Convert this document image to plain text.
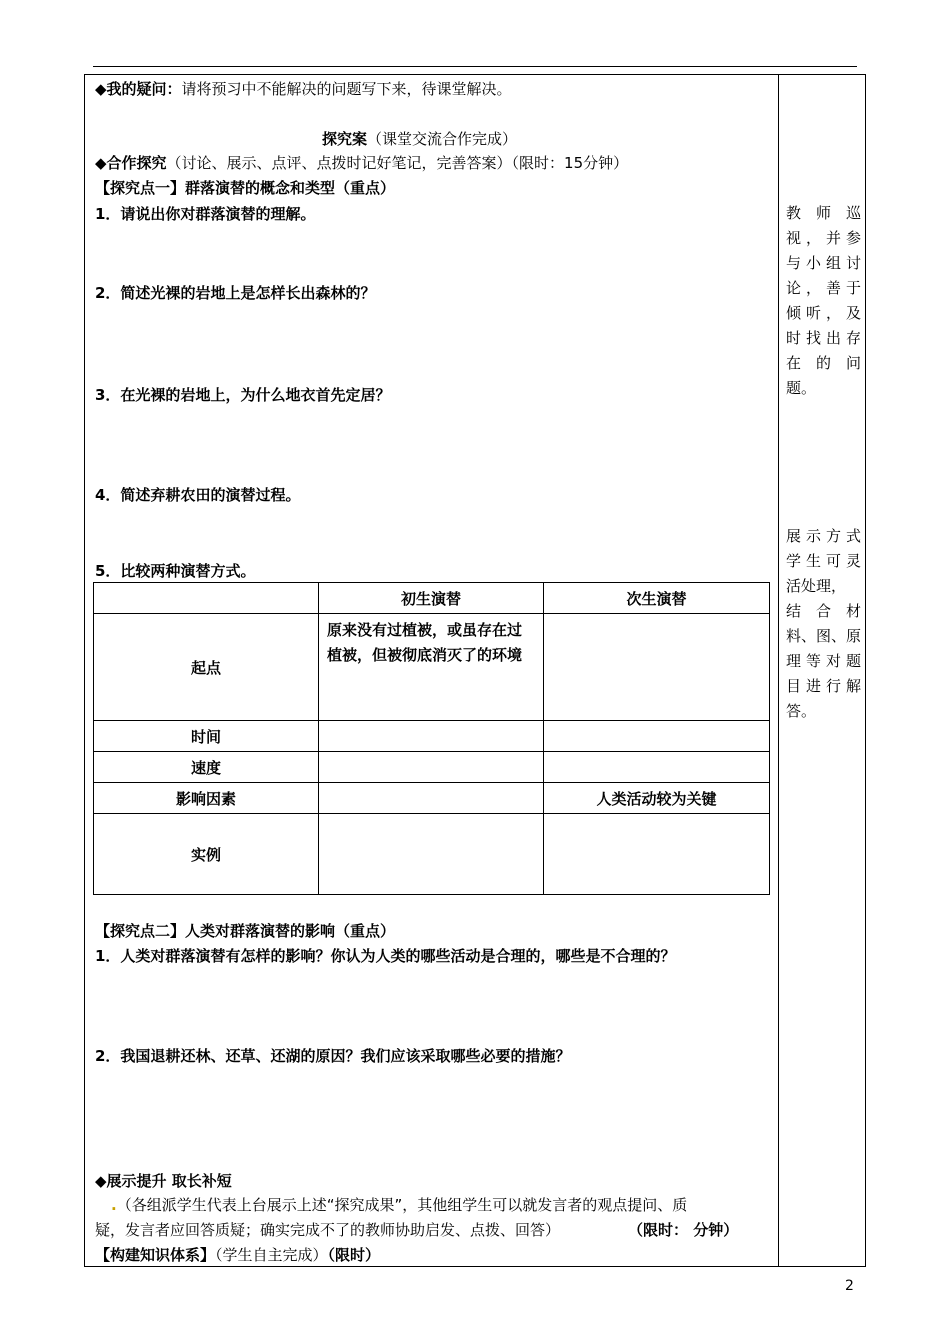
◆我的疑问：请将预习中不能解决的问题写下来，待课堂解决。
探究案（课堂交流合作完成）
◆合作探究（讨论、展示、点评、点拨时记好笔记，完善答案）（限时：15分钟）
【探究点一】群落演替的概念和类型（重点）
1．请说出你对群落演替的理解。
2．简述光裸的岩地上是怎样长出森林的？
3．在光裸的岩地上，为什么地衣首先定居？
4．简述弃耕农田的演替过程。
5．比较两种演替方式。
	初生演替	次生演替
起点	原来没有过植被，或虽存在过植被，但被彻底消灭了的环境	
时间		
速度		
影响因素		人类活动较为关键
实例		
【探究点二】人类对群落演替的影响（重点）
1．人类对群落演替有怎样的影响？你认为人类的哪些活动是合理的，哪些是不合理的？
2．我国退耕还林、还草、还湖的原因？我们应该采取哪些必要的措施？
◆展示提升 取长补短
.（各组派学生代表上台展示上述“探究成果”，其他组学生可以就发言者的观点提问、质
疑，发言者应回答质疑；确实完成不了的教师协助启发、点拨、回答）	（限时： 分钟）
【构建知识体系】（学生自主完成）（限时）
教师巡
视，并参
与小组讨
论，善于
倾听，及
时找出存
在的问
题。
展示方式
学生可灵
活处理，
结合材
料、图、原
理等对题
目进行解
答。
2
